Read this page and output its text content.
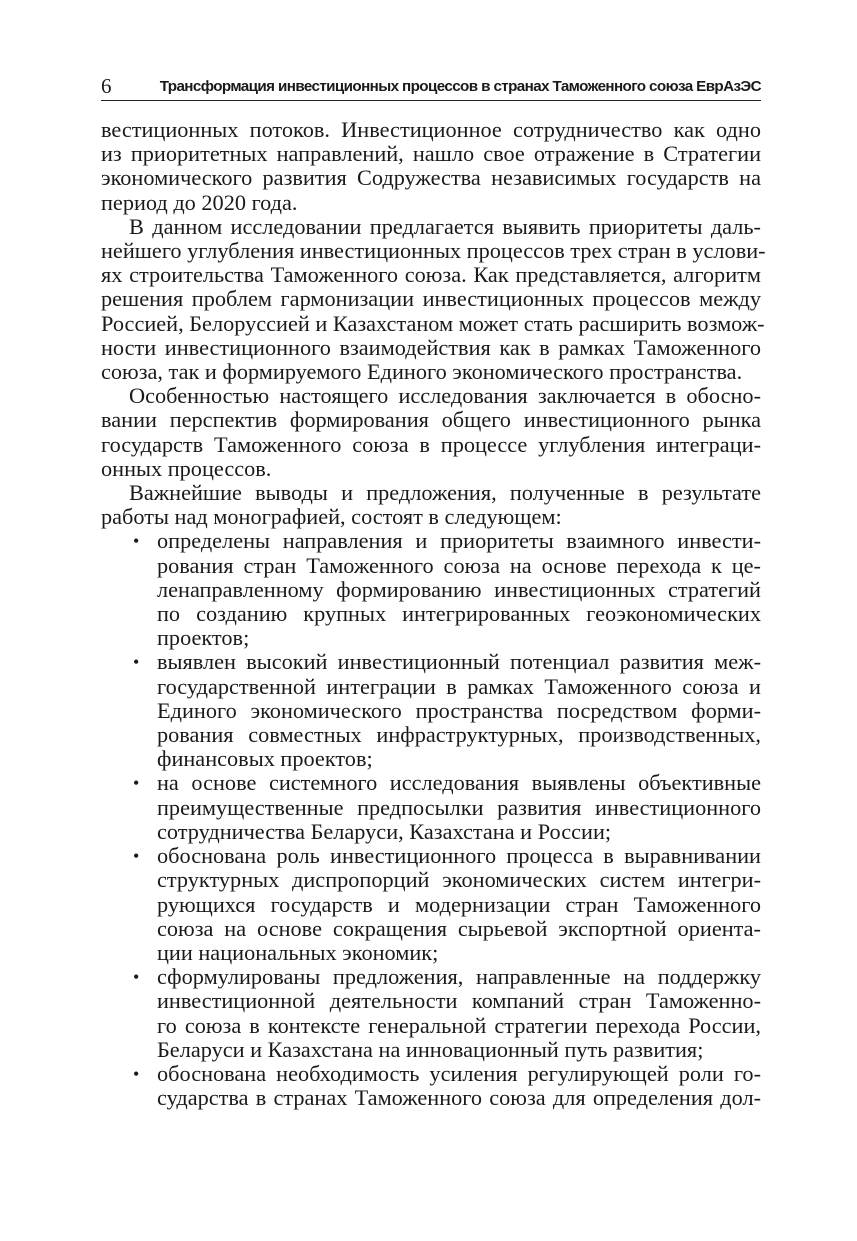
6	Трансформация инвестиционных процессов в странах Таможенного союза ЕврАзЭС
вестиционных потоков. Инвестиционное сотрудничество как одно
из приоритетных направлений, нашло свое отражение в Стратегии
экономического развития Содружества независимых государств на
период до 2020 года.
В данном исследовании предлагается выявить приоритеты даль-
нейшего углубления инвестиционных процессов трех стран в услови-
ях строительства Таможенного союза. Как представляется, алгоритм
решения проблем гармонизации инвестиционных процессов между
Россией, Белоруссией и Казахстаном может стать расширить возмож-
ности инвестиционного взаимодействия как в рамках Таможенного
союза, так и формируемого Единого экономического пространства.
Особенностью настоящего исследования заключается в обосно-
вании перспектив формирования общего инвестиционного рынка
государств Таможенного союза в процессе углубления интеграци-
онных процессов.
Важнейшие выводы и предложения, полученные в результате
работы над монографией, состоят в следующем:
• определены направления и приоритеты взаимного инвести-
рования стран Таможенного союза на основе перехода к це-
ленаправленному формированию инвестиционных стратегий
по созданию крупных интегрированных геоэкономических
проектов;
• выявлен высокий инвестиционный потенциал развития меж-
государственной интеграции в рамках Таможенного союза и
Единого экономического пространства посредством форми-
рования совместных инфраструктурных, производственных,
финансовых проектов;
• на основе системного исследования выявлены объективные
преимущественные предпосылки развития инвестиционного
сотрудничества Беларуси, Казахстана и России;
• обоснована роль инвестиционного процесса в выравнивании
структурных диспропорций экономических систем интегри-
рующихся государств и модернизации стран Таможенного
союза на основе сокращения сырьевой экспортной ориента-
ции национальных экономик;
• сформулированы предложения, направленные на поддержку
инвестиционной деятельности компаний стран Таможенно-
го союза в контексте генеральной стратегии перехода России,
Беларуси и Казахстана на инновационный путь развития;
• обоснована необходимость усиления регулирующей роли го-
сударства в странах Таможенного союза для определения дол-
